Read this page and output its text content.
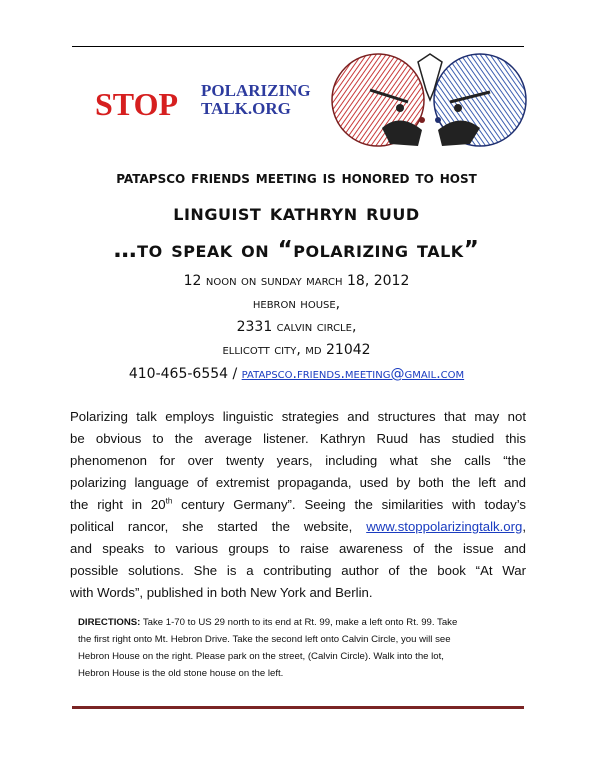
STOP POLARIZING
TALK.ORG
patapsco friends meeting is honored to host
linguist kathryn ruud
…to speak on “polarizing talk”
12 noon on sunday march 18, 2012
hebron house,
2331 calvin circle,
ellicott city, md 21042
410-465-6554 / patapsco.friends.meeting@gmail.com
Polarizing talk employs linguistic strategies and structures that may not
be obvious to the average listener. Kathryn Ruud has studied this
phenomenon for over twenty years, including what she calls “the
polarizing language of extremist propaganda, used by both the left and
the right in 20th century Germany”. Seeing the similarities with today’s
political rancor, she started the website, www.stoppolarizingtalk.org,
and speaks to various groups to raise awareness of the issue and
possible solutions. She is a contributing author of the book “At War
with Words”, published in both New York and Berlin.
DIRECTIONS: Take 1-70 to US 29 north to its end at Rt. 99, make a left onto Rt. 99. Take
the first right onto Mt. Hebron Drive. Take the second left onto Calvin Circle, you will see
Hebron House on the right. Please park on the street, (Calvin Circle). Walk into the lot,
Hebron House is the old stone house on the left.
